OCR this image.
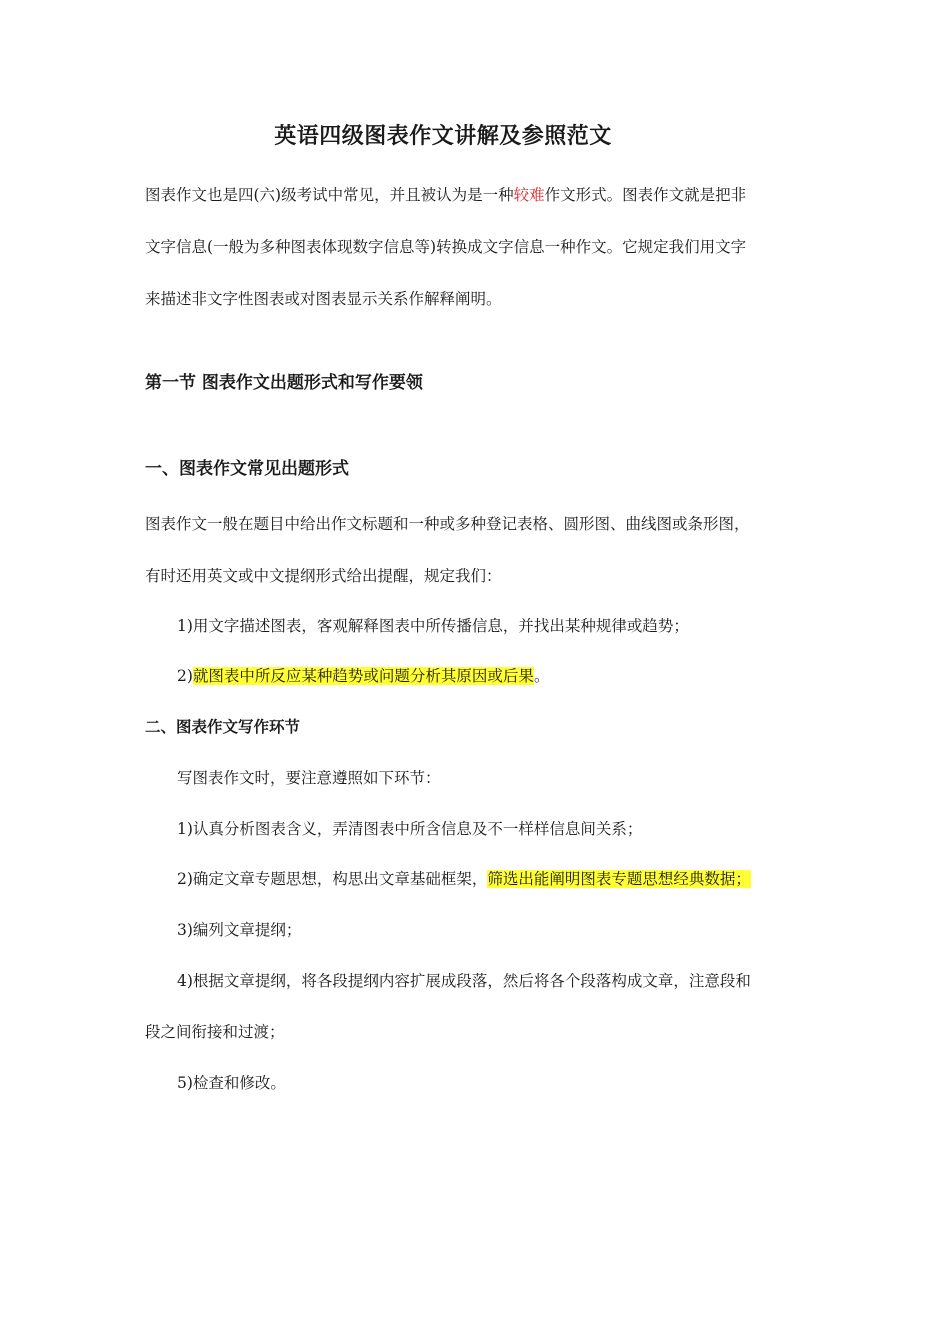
英语四级图表作文讲解及参照范文
图表作文也是四(六)级考试中常见，并且被认为是一种较难作文形式。图表作文就是把非
文字信息(一般为多种图表体现数字信息等)转换成文字信息一种作文。它规定我们用文字
来描述非文字性图表或对图表显示关系作解释阐明。
第一节 图表作文出题形式和写作要领
一、图表作文常见出题形式
图表作文一般在题目中给出作文标题和一种或多种登记表格、圆形图、曲线图或条形图，
有时还用英文或中文提纲形式给出提醒，规定我们：
1)用文字描述图表，客观解释图表中所传播信息，并找出某种规律或趋势；
2)就图表中所反应某种趋势或问题分析其原因或后果。
二、图表作文写作环节
写图表作文时，要注意遵照如下环节：
1)认真分析图表含义，弄清图表中所含信息及不一样样信息间关系；
2)确定文章专题思想，构思出文章基础框架，筛选出能阐明图表专题思想经典数据；
3)编列文章提纲；
4)根据文章提纲，将各段提纲内容扩展成段落，然后将各个段落构成文章，注意段和
段之间衔接和过渡；
5)检查和修改。
